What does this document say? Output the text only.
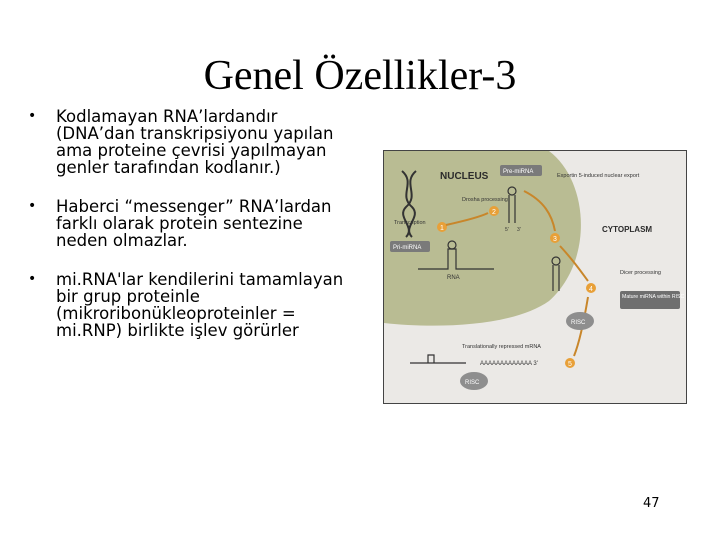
Genel Özellikler-3
• Kodlamayan RNA’lardandır (DNA’dan transkripsiyonu yapılan ama proteine çevrisi yapılmayan genler tarafından kodlanır.)
• Haberci “messenger” RNA’lardan farklı olarak protein sentezine neden olmazlar.
• mi.RNA'lar kendilerini tamamlayan bir grup proteinle (mikroribonükleoproteinler = mi.RNP) birlikte işlev görürler
NUCLEUS
CYTOPLASM
Transcription
Pre-miRNA
Pri-miRNA
Drosha processing
Exportin 5-induced nuclear export
Dicer processing
5' 3'
RNA
1
2
3
4
5
Mature miRNA within RISC
RISC
Translationally repressed mRNA
AAAAAAAAAAAAA 3'
RISC
47
